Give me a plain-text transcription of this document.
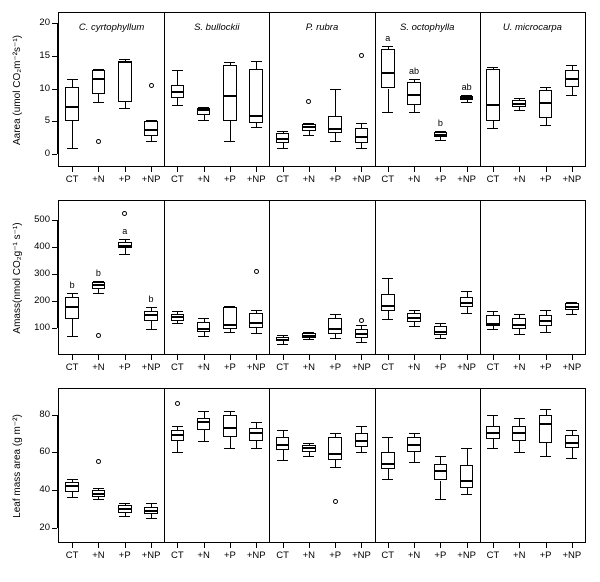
0
5
10
15
20
Aarea (umol CO₂m⁻²s⁻¹)
C. cyrtophyllum
CT	+N	+P	+NP
S. bullockii
CT	+N	+P	+NP
P. rubra
CT	+N	+P	+NP
S. octophylla
a
CT
ab
+N
b
+P
ab
+NP
U. microcarpa
CT	+N	+P	+NP
100
200
300
400
500
Amass(nmol CO₂g⁻¹ s⁻¹)	b
CT
b
+N
a
+P
b
+NP	CT	+N	+P	+NP	CT	+N	+P	+NP	CT	+N	+P	+NP	CT	+N	+P	+NP
20
40
60
80
Leaf mass area (g m⁻²)
CT	+N	+P	+NP	CT	+N	+P	+NP	CT	+N	+P	+NP	CT	+N	+P	+NP	CT	+N	+P	+NP
